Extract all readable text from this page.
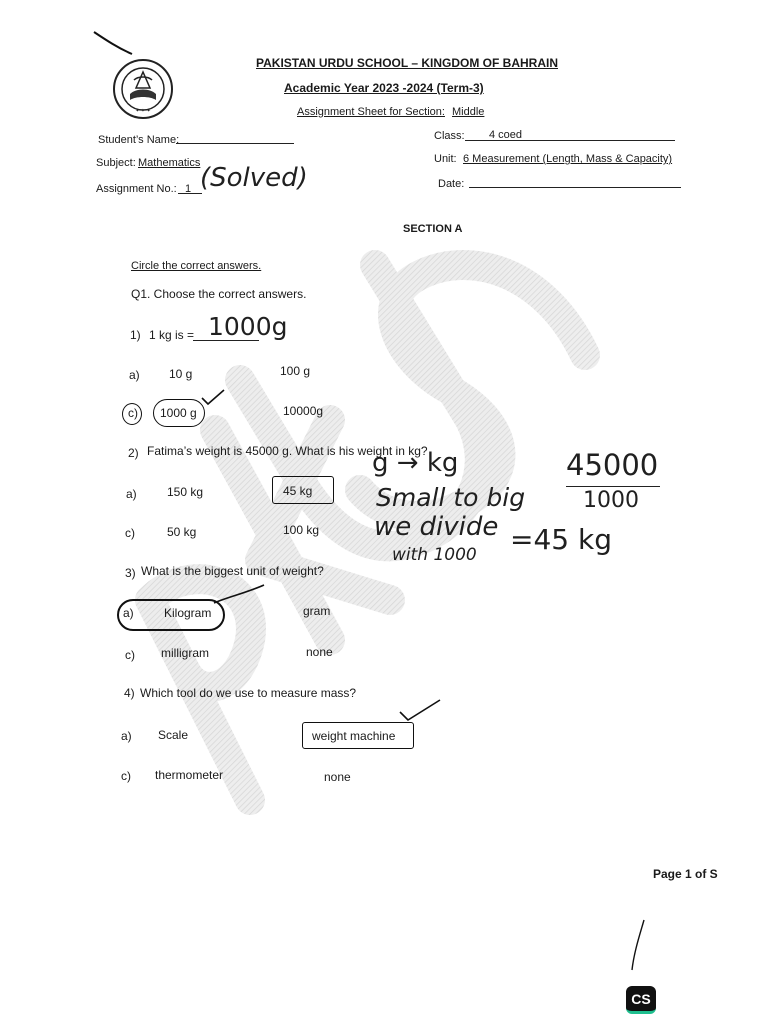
✦ ✦ ✦
PAKISTAN URDU SCHOOL – KINGDOM OF BAHRAIN
Academic Year 2023 -2024 (Term-3)
Assignment Sheet for Section: Middle
Student’s Name:
Subject: Mathematics
Assignment No.: 1 (Solved)
Class: 4 coed
Unit: 6 Measurement (Length, Mass & Capacity)
Date:
SECTION A
Circle the correct answers.
Q1. Choose the correct answers.
1) 1 kg is = 1000g
a) 10 g	100 g
c) 1000 g	10000g
2) Fatima’s weight is 45000 g. What is his weight in kg?
a)	150 kg	45 kg
c)	50 kg	100 kg
g → kg
Small to big
we divide
with 1000 =45 kg
45000
1000
3) What is the biggest unit of weight?
a)	Kilogram	gram
c) milligram	none
4) Which tool do we use to measure mass?
a) Scale	weight machine
c) thermometer	none
Page 1 of S
CS
